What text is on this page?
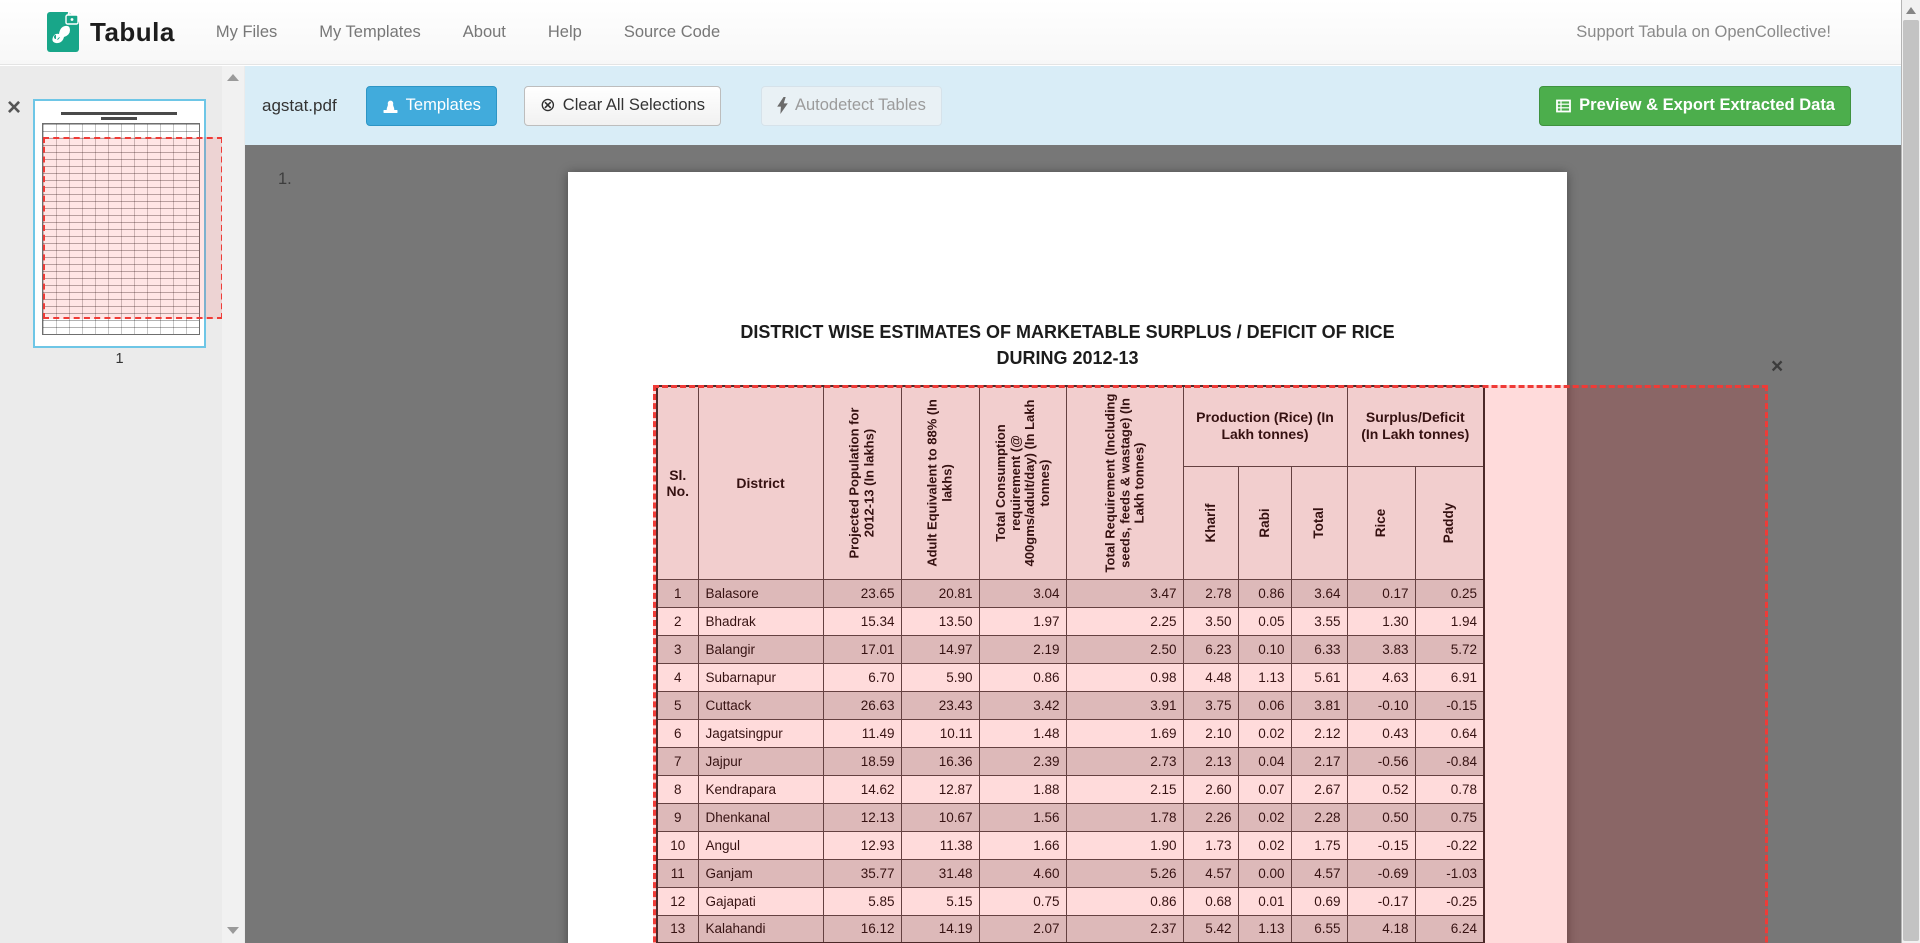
Tabula	My Files	My Templates	About	Help	Source Code	Support Tabula on OpenCollective!
agstat.pdf	Templates	⊗ Clear All Selections	Autodetect Tables	Preview & Export Extracted Data
×
1
1.
DISTRICT WISE ESTIMATES OF MARKETABLE SURPLUS / DEFICIT OF RICE
DURING 2012-13
Sl. No.	District	Projected Population for 2012-13 (In lakhs)	Adult Equivalent to 88% (In lakhs)	Total Consumption requirement (@ 400gms/adult/day) (In Lakh tonnes)	Total Requirement (Including seeds, feeds & wastage) (In Lakh tonnes)	Production (Rice) (In Lakh tonnes)			Surplus/Deficit (In Lakh tonnes)	

						Kharif	Rabi	Total	Rice	Paddy

1	Balasore	23.65	20.81	3.04	3.47	2.78	0.86	3.64	0.17	0.25
2	Bhadrak	15.34	13.50	1.97	2.25	3.50	0.05	3.55	1.30	1.94
3	Balangir	17.01	14.97	2.19	2.50	6.23	0.10	6.33	3.83	5.72
4	Subarnapur	6.70	5.90	0.86	0.98	4.48	1.13	5.61	4.63	6.91
5	Cuttack	26.63	23.43	3.42	3.91	3.75	0.06	3.81	-0.10	-0.15
6	Jagatsingpur	11.49	10.11	1.48	1.69	2.10	0.02	2.12	0.43	0.64
7	Jajpur	18.59	16.36	2.39	2.73	2.13	0.04	2.17	-0.56	-0.84
8	Kendrapara	14.62	12.87	1.88	2.15	2.60	0.07	2.67	0.52	0.78
9	Dhenkanal	12.13	10.67	1.56	1.78	2.26	0.02	2.28	0.50	0.75
10	Angul	12.93	11.38	1.66	1.90	1.73	0.02	1.75	-0.15	-0.22
11	Ganjam	35.77	31.48	4.60	5.26	4.57	0.00	4.57	-0.69	-1.03
12	Gajapati	5.85	5.15	0.75	0.86	0.68	0.01	0.69	-0.17	-0.25
13	Kalahandi	16.12	14.19	2.07	2.37	5.42	1.13	6.55	4.18	6.24
×
